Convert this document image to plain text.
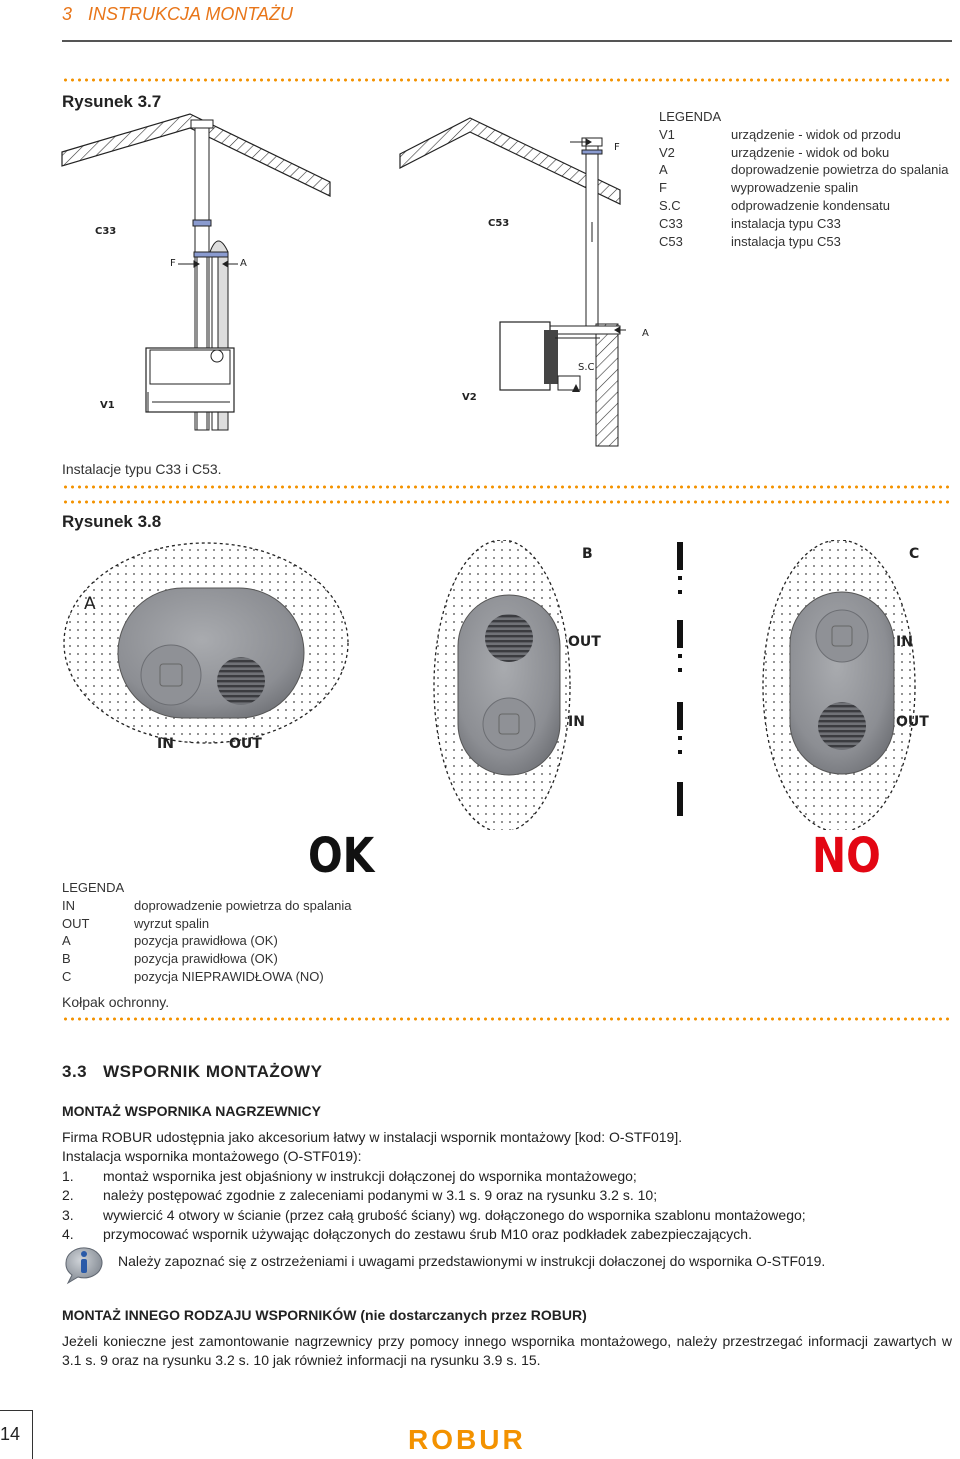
3 INSTRUKCJA MONTAŻU
Rysunek 3.7
C33
C53
F	A
F
A
S.C
V1
V2
LEGENDA
V1	urządzenie - widok od przodu
V2	urządzenie - widok od boku
A	doprowadzenie powietrza do spalania
F	wyprowadzenie spalin
S.C	odprowadzenie kondensatu
C33	instalacja typu C33
C53	instalacja typu C53
Instalacje typu C33 i C53.
Rysunek 3.8
A
B	C
IN	OUT
OUT
IN
IN
OUT
OK	NO
LEGENDA
IN	doprowadzenie powietrza do spalania
OUT	wyrzut spalin
A	pozycja prawidłowa (OK)
B	pozycja prawidłowa (OK)
C	pozycja NIEPRAWIDŁOWA (NO)
Kołpak ochronny.
3.3 WSPORNIK MONTAŻOWY
MONTAŻ WSPORNIKA NAGRZEWNICY
Firma ROBUR udostępnia jako akcesorium łatwy w instalacji wspornik montażowy [kod: O-STF019].
Instalacja wspornika montażowego (O-STF019):
1.	montaż wspornika jest objaśniony w instrukcji dołączonej do wspornika montażowego;
2.	należy postępować zgodnie z zaleceniami podanymi w 3.1 s. 9 oraz na rysunku 3.2 s. 10;
3.	wywiercić 4 otwory w ścianie (przez całą grubość ściany) wg. dołączonego do wspornika szablonu montażowego;
4.	przymocować wspornik używając dołączonych do zestawu śrub M10 oraz podkładek zabezpieczających.
Należy zapoznać się z ostrzeżeniami i uwagami przedstawionymi w instrukcji dołaczonej do wspornika O-STF019.
MONTAŻ INNEGO RODZAJU WSPORNIKÓW (nie dostarczanych przez ROBUR)
Jeżeli konieczne jest zamontowanie nagrzewnicy przy pomocy innego wspornika montażowego, należy przestrzegać informacji zawartych w 3.1 s. 9 oraz na rysunku 3.2 s. 10 jak również informacji na rysunku 3.9 s. 15.
14	ROBUR
